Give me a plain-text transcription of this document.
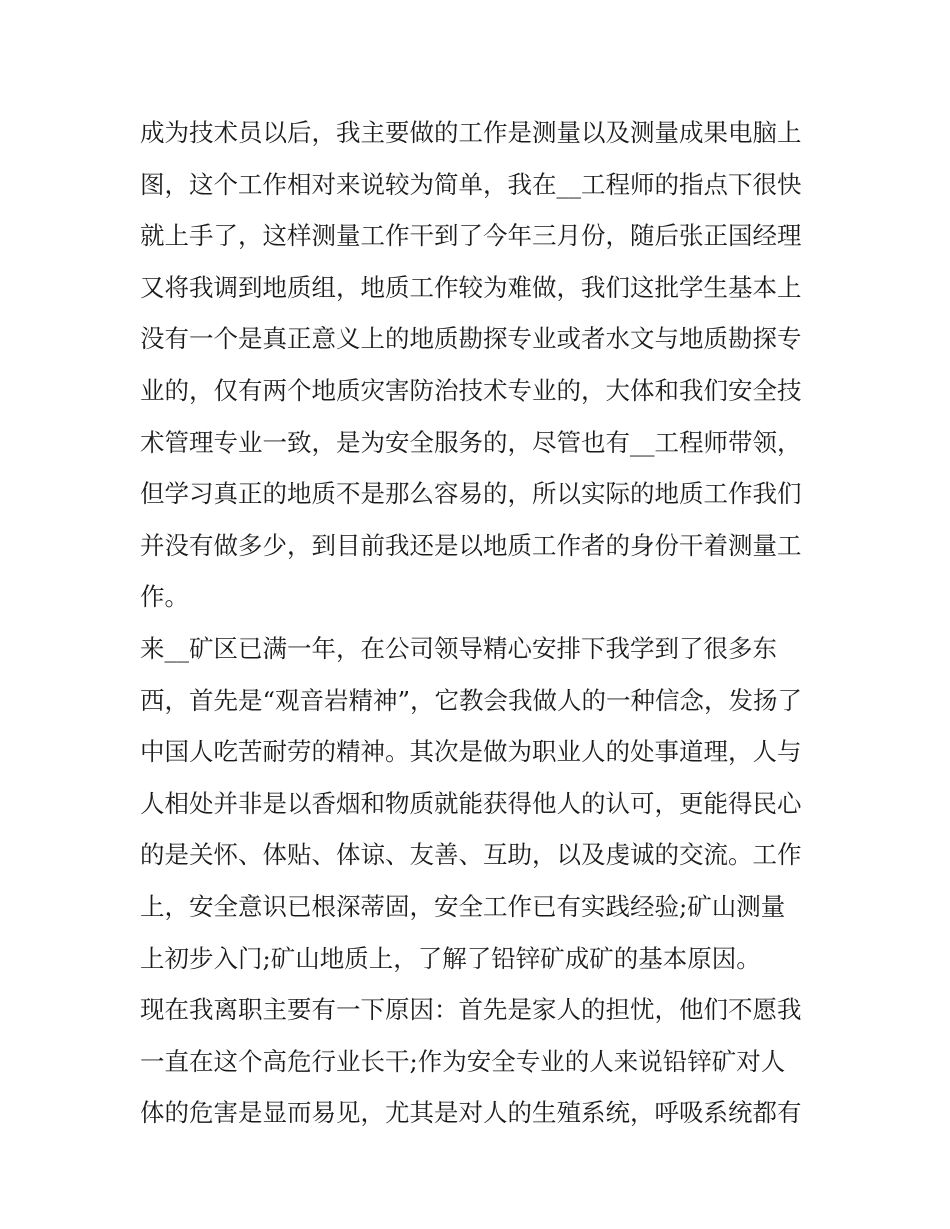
成为技术员以后，我主要做的工作是测量以及测量成果电脑上
图，这个工作相对来说较为简单，我在__工程师的指点下很快
就上手了，这样测量工作干到了今年三月份，随后张正国经理
又将我调到地质组，地质工作较为难做，我们这批学生基本上
没有一个是真正意义上的地质勘探专业或者水文与地质勘探专
业的，仅有两个地质灾害防治技术专业的，大体和我们安全技
术管理专业一致，是为安全服务的，尽管也有__工程师带领，
但学习真正的地质不是那么容易的，所以实际的地质工作我们
并没有做多少，到目前我还是以地质工作者的身份干着测量工
作。
来__矿区已满一年，在公司领导精心安排下我学到了很多东
西，首先是“观音岩精神”，它教会我做人的一种信念，发扬了
中国人吃苦耐劳的精神。其次是做为职业人的处事道理，人与
人相处并非是以香烟和物质就能获得他人的认可，更能得民心
的是关怀、体贴、体谅、友善、互助，以及虔诚的交流。工作
上，安全意识已根深蒂固，安全工作已有实践经验;矿山测量
上初步入门;矿山地质上，了解了铅锌矿成矿的基本原因。
现在我离职主要有一下原因：首先是家人的担忧，他们不愿我
一直在这个高危行业长干;作为安全专业的人来说铅锌矿对人
体的危害是显而易见，尤其是对人的生殖系统，呼吸系统都有
